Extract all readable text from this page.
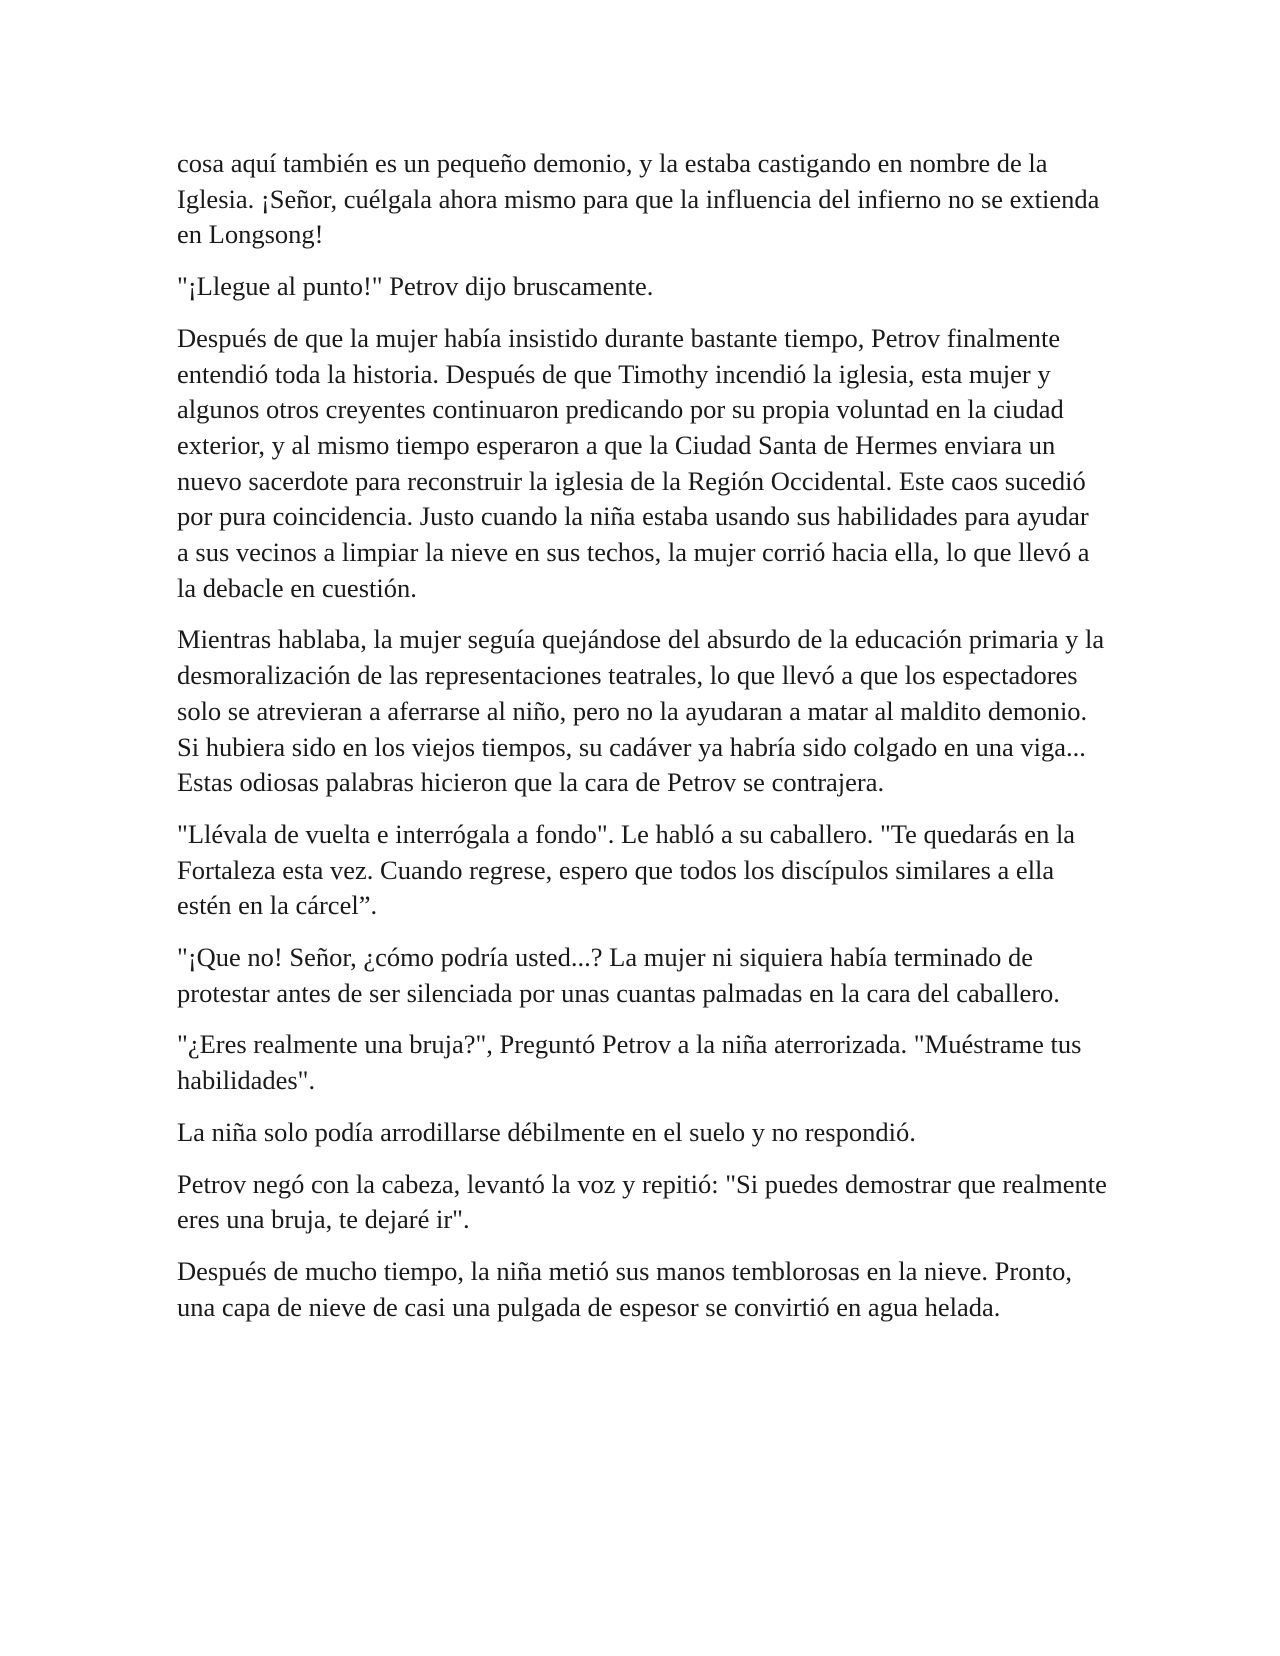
cosa aquí también es un pequeño demonio, y la estaba castigando en nombre de la Iglesia. ¡Señor, cuélgala ahora mismo para que la influencia del infierno no se extienda en Longsong!

"¡Llegue al punto!" Petrov dijo bruscamente.

Después de que la mujer había insistido durante bastante tiempo, Petrov finalmente entendió toda la historia. Después de que Timothy incendió la iglesia, esta mujer y algunos otros creyentes continuaron predicando por su propia voluntad en la ciudad exterior, y al mismo tiempo esperaron a que la Ciudad Santa de Hermes enviara un nuevo sacerdote para reconstruir la iglesia de la Región Occidental. Este caos sucedió por pura coincidencia. Justo cuando la niña estaba usando sus habilidades para ayudar a sus vecinos a limpiar la nieve en sus techos, la mujer corrió hacia ella, lo que llevó a la debacle en cuestión.

Mientras hablaba, la mujer seguía quejándose del absurdo de la educación primaria y la desmoralización de las representaciones teatrales, lo que llevó a que los espectadores solo se atrevieran a aferrarse al niño, pero no la ayudaran a matar al maldito demonio. Si hubiera sido en los viejos tiempos, su cadáver ya habría sido colgado en una viga... Estas odiosas palabras hicieron que la cara de Petrov se contrajera.

"Llévala de vuelta e interrógala a fondo". Le habló a su caballero. "Te quedarás en la Fortaleza esta vez. Cuando regrese, espero que todos los discípulos similares a ella estén en la cárcel”.

"¡Que no! Señor, ¿cómo podría usted...? La mujer ni siquiera había terminado de protestar antes de ser silenciada por unas cuantas palmadas en la cara del caballero.

"¿Eres realmente una bruja?", Preguntó Petrov a la niña aterrorizada. "Muéstrame tus habilidades".

La niña solo podía arrodillarse débilmente en el suelo y no respondió.

Petrov negó con la cabeza, levantó la voz y repitió: "Si puedes demostrar que realmente eres una bruja, te dejaré ir".

Después de mucho tiempo, la niña metió sus manos temblorosas en la nieve. Pronto, una capa de nieve de casi una pulgada de espesor se convirtió en agua helada.
